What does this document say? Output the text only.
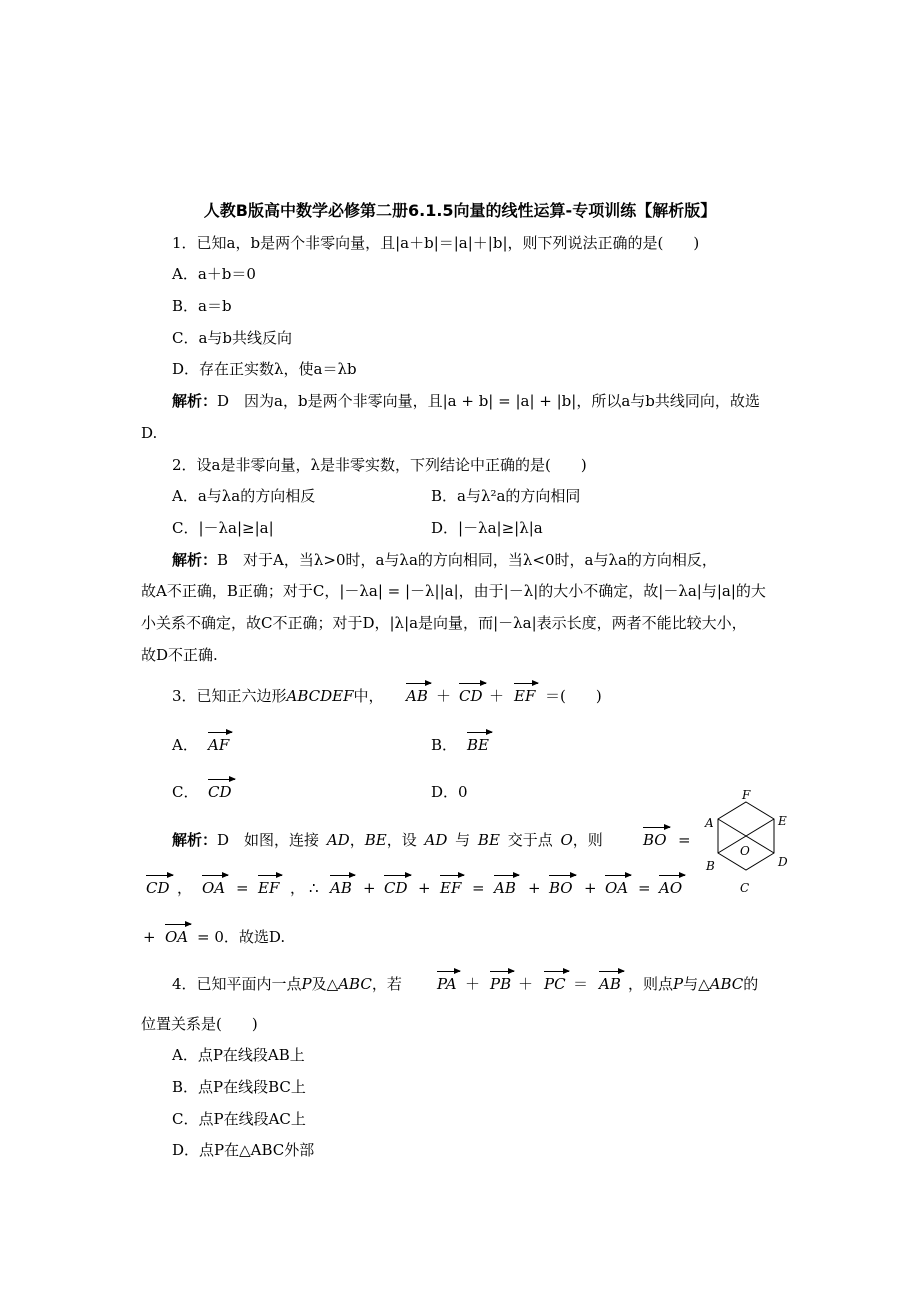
人教B版高中数学必修第二册6.1.5向量的线性运算-专项训练【解析版】
1．已知a，b是两个非零向量，且|a＋b|＝|a|＋|b|，则下列说法正确的是(　　)
A．a＋b＝0
B．a＝b
C．a与b共线反向
D．存在正实数λ，使a＝λb
解析：D　因为a，b是两个非零向量，且|a + b| = |a| + |b|，所以a与b共线同向，故选
D.
2．设a是非零向量，λ是非零实数，下列结论中正确的是(　　)
A．a与λa的方向相反	B．a与λ²a的方向相同
C．|－λa|≥|a|	D．|－λa|≥|λ|a
解析：B　对于A，当λ>0时，a与λa的方向相同，当λ<0时，a与λa的方向相反，
故A不正确，B正确；对于C，|－λa| = |－λ||a|，由于|－λ|的大小不确定，故|－λa|与|a|的大
小关系不确定，故C不正确；对于D，|λ|a是向量，而|－λa|表示长度，两者不能比较大小，
故D不正确.
3．已知正六边形ABCDEF中， AB ＋ CD ＋ EF ＝(　　)
A． AF	B． BE
C． CD	D．0
解析：D　如图，连接 AD，BE，设 AD 与 BE 交于点 O，则	BO =
CD ， OA = EF ， ∴ AB + CD + EF = AB + BO + OA = AO
+ OA = 0．故选D.
A
B
C
D
E
F
O
4．已知平面内一点P及△ABC，若 PA ＋ PB ＋ PC ＝ AB ，则点P与△ABC的
位置关系是(　　)
A．点P在线段AB上
B．点P在线段BC上
C．点P在线段AC上
D．点P在△ABC外部
